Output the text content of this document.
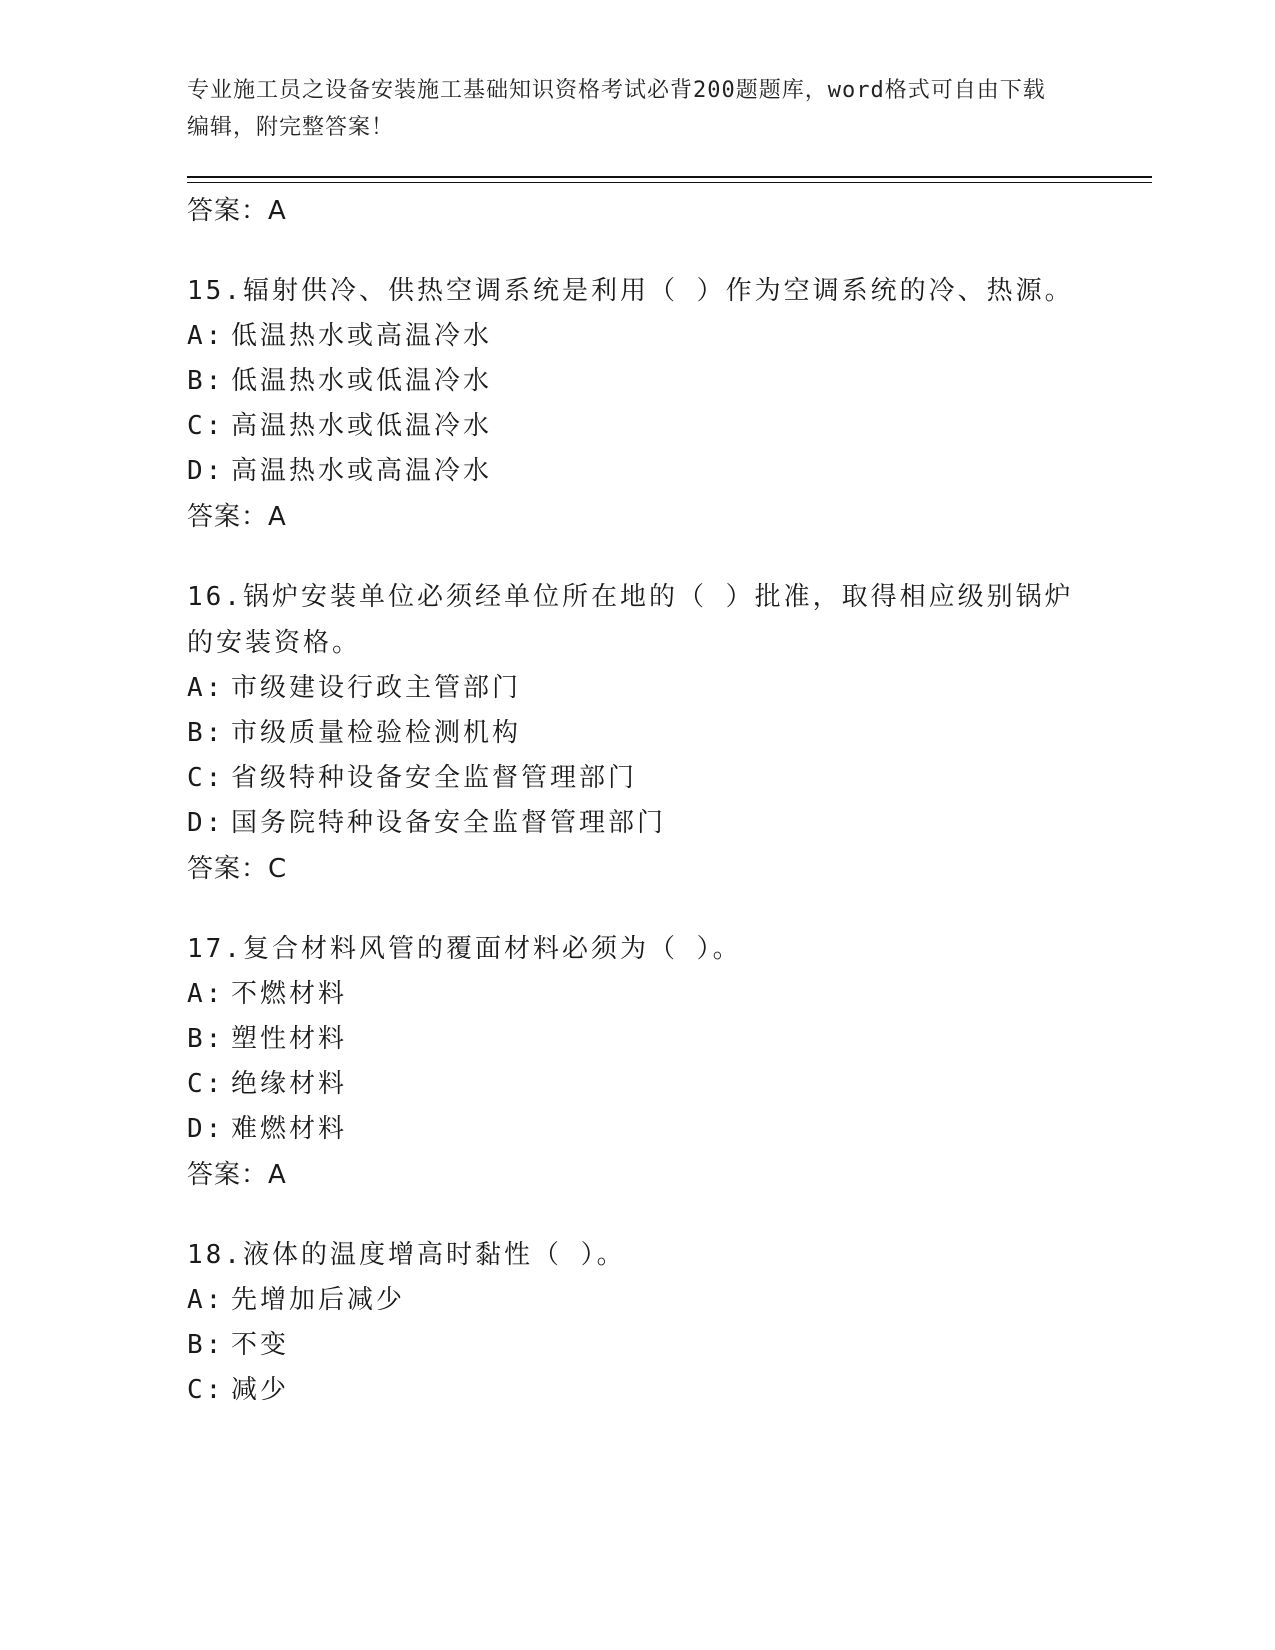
专业施工员之设备安装施工基础知识资格考试必背200题题库，word格式可自由下载编辑，附完整答案！
答案：A
15.辐射供冷、供热空调系统是利用（ ）作为空调系统的冷、热源。
A: 低温热水或高温冷水
B: 低温热水或低温冷水
C: 高温热水或低温冷水
D: 高温热水或高温冷水
答案：A
16.锅炉安装单位必须经单位所在地的（ ）批准，取得相应级别锅炉的安装资格。
A: 市级建设行政主管部门
B: 市级质量检验检测机构
C: 省级特种设备安全监督管理部门
D: 国务院特种设备安全监督管理部门
答案：C
17.复合材料风管的覆面材料必须为（ ）。
A: 不燃材料
B: 塑性材料
C: 绝缘材料
D: 难燃材料
答案：A
18.液体的温度增高时黏性（ ）。
A: 先增加后减少
B: 不变
C: 减少
